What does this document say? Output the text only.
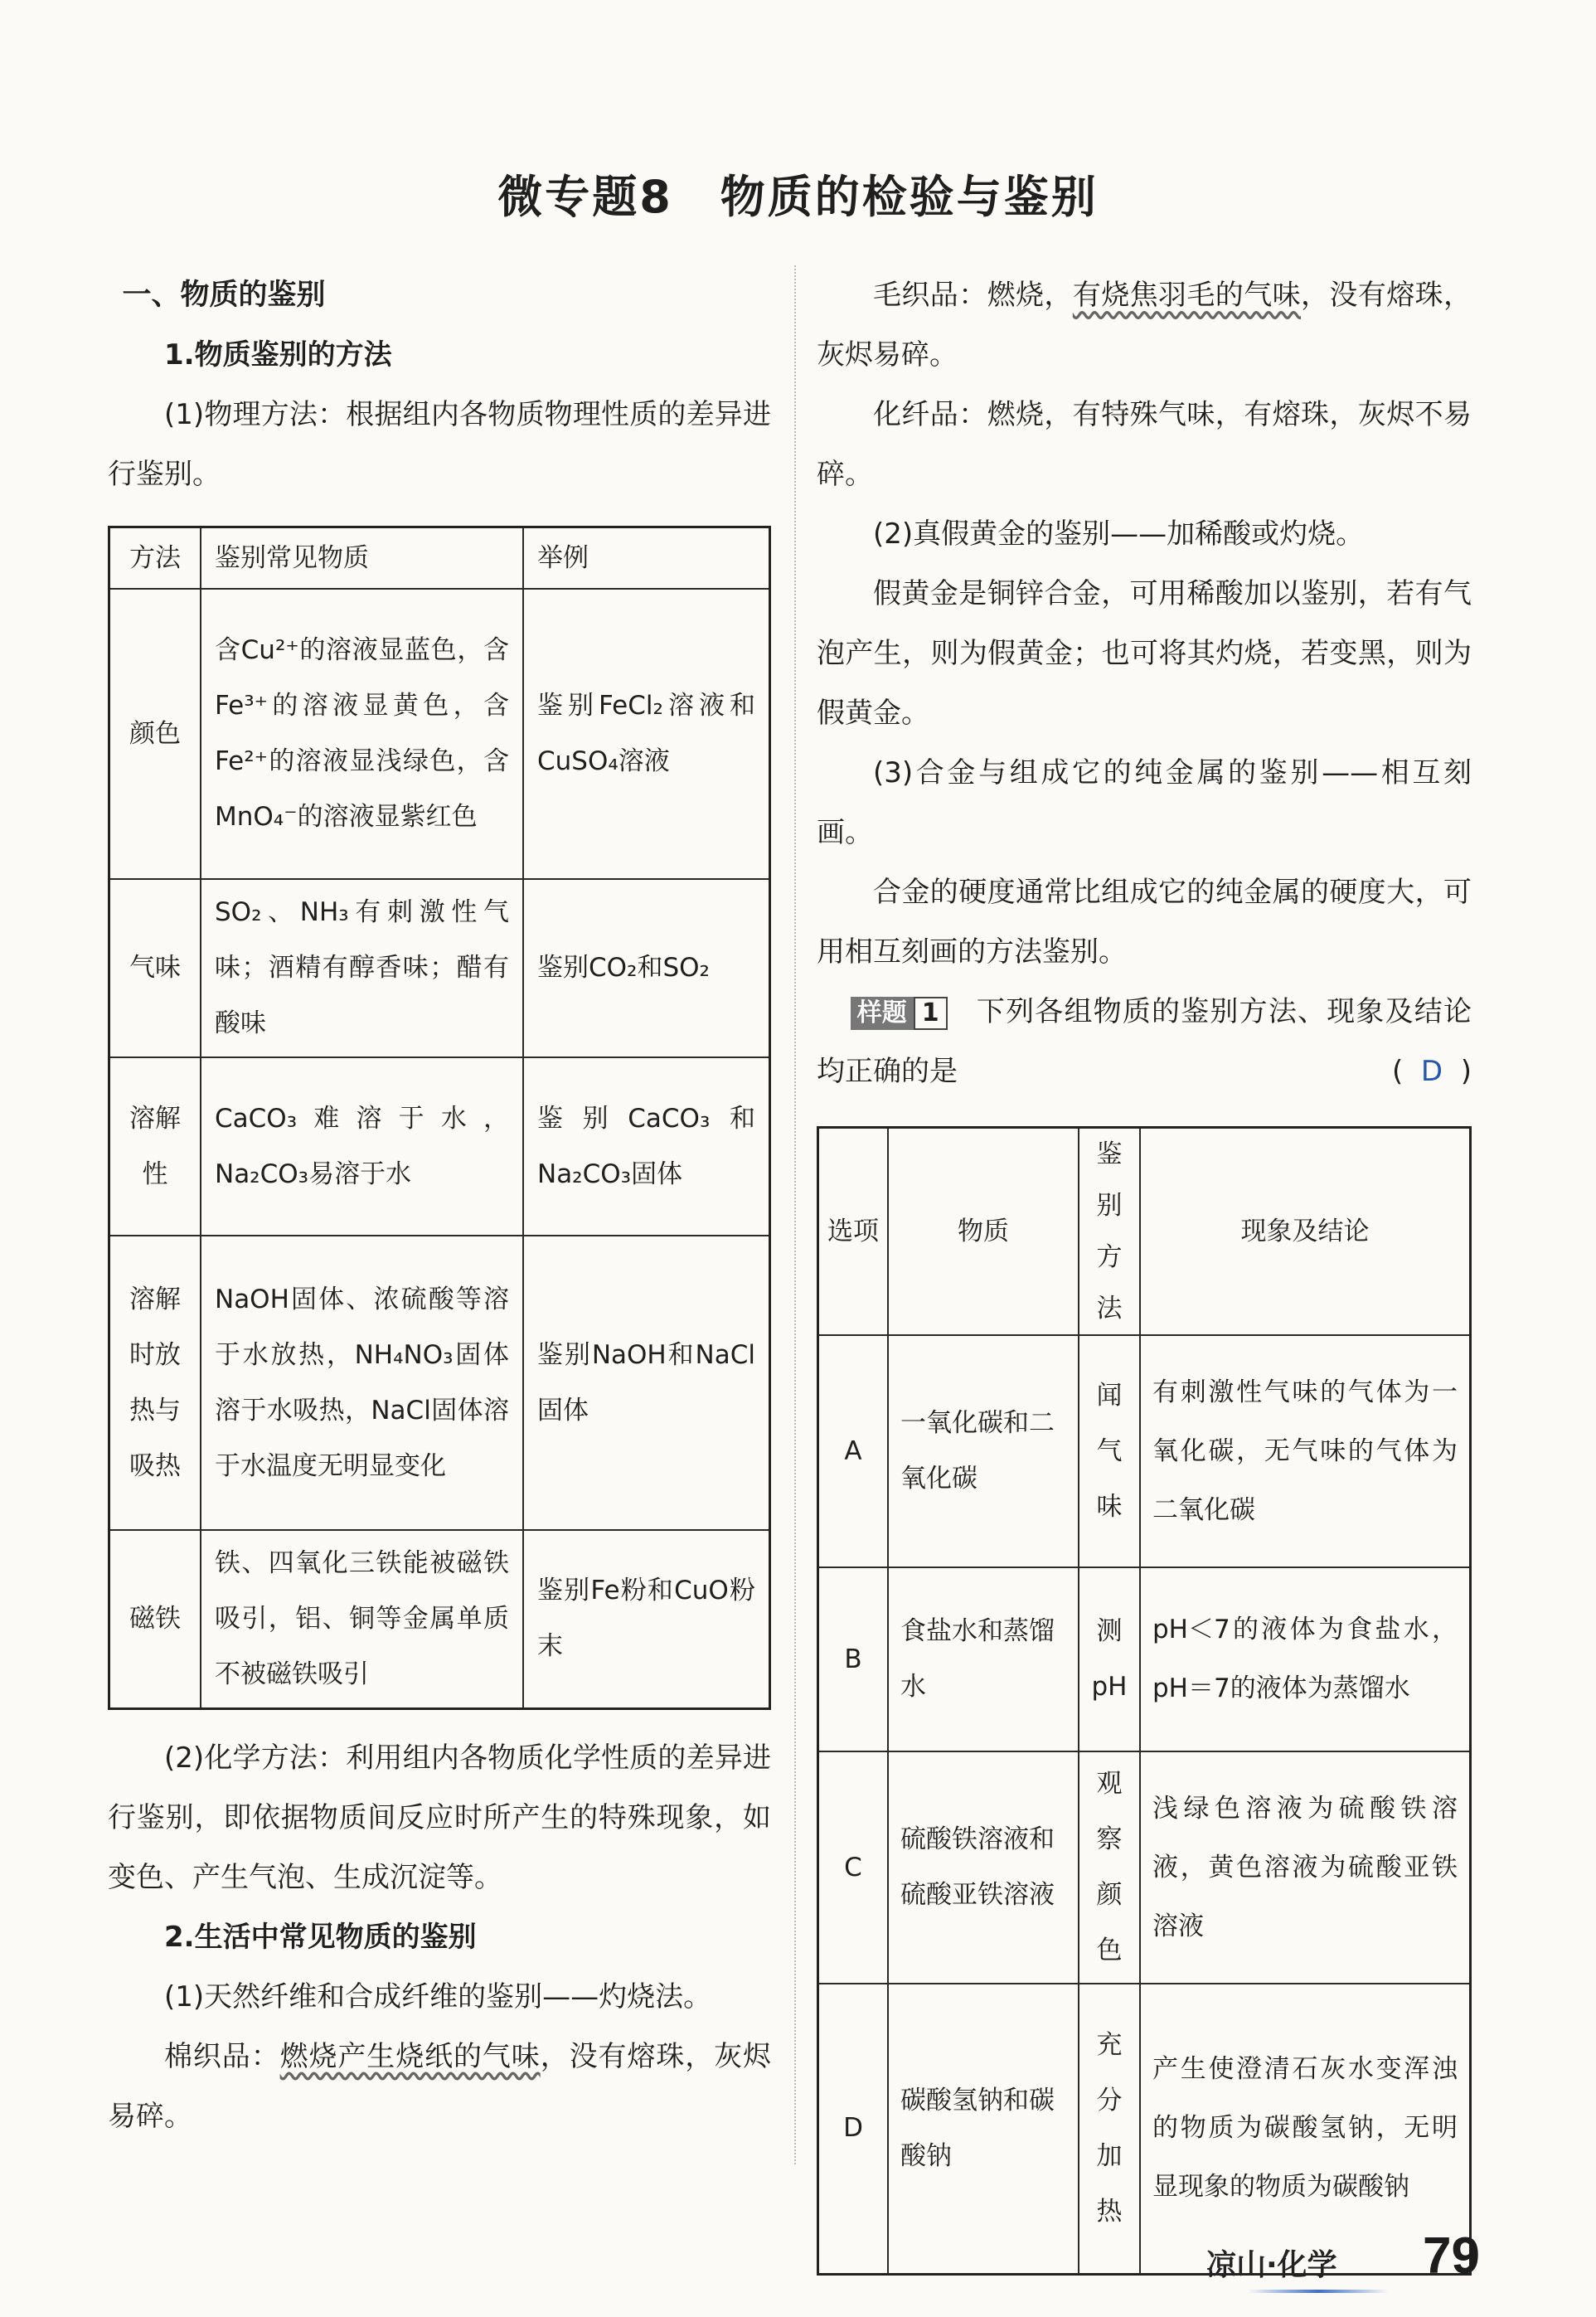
微专题8　物质的检验与鉴别
一、物质的鉴别
1.物质鉴别的方法

(1)物理方法：根据组内各物质物理性质的差异进行鉴别。

方法	鉴别常见物质	举例
颜色	含Cu²⁺的溶液显蓝色，含Fe³⁺的溶液显黄色，含Fe²⁺的溶液显浅绿色，含MnO₄⁻的溶液显紫红色	鉴别FeCl₂溶液和CuSO₄溶液
气味	SO₂、NH₃有刺激性气味；酒精有醇香味；醋有酸味	鉴别CO₂和SO₂
溶解性	CaCO₃难溶于水，Na₂CO₃易溶于水	鉴别CaCO₃和Na₂CO₃固体
溶解时放热与吸热	NaOH固体、浓硫酸等溶于水放热，NH₄NO₃固体溶于水吸热，NaCl固体溶于水温度无明显变化	鉴别NaOH和NaCl固体
磁铁	铁、四氧化三铁能被磁铁吸引，铝、铜等金属单质不被磁铁吸引	鉴别Fe粉和CuO粉末

(2)化学方法：利用组内各物质化学性质的差异进行鉴别，即依据物质间反应时所产生的特殊现象，如变色、产生气泡、生成沉淀等。

2.生活中常见物质的鉴别

(1)天然纤维和合成纤维的鉴别——灼烧法。

棉织品：燃烧产生烧纸的气味，没有熔珠，灰烬易碎。

毛织品：燃烧，有烧焦羽毛的气味，没有熔珠，灰烬易碎。

化纤品：燃烧，有特殊气味，有熔珠，灰烬不易碎。

(2)真假黄金的鉴别——加稀酸或灼烧。

假黄金是铜锌合金，可用稀酸加以鉴别，若有气泡产生，则为假黄金；也可将其灼烧，若变黑，则为假黄金。

(3)合金与组成它的纯金属的鉴别——相互刻画。

合金的硬度通常比组成它的纯金属的硬度大，可用相互刻画的方法鉴别。

样题 1 下列各组物质的鉴别方法、现象及结论均正确的是	( D )

选项	物质	鉴别方法	现象及结论
A	一氧化碳和二氧化碳	闻气味	有刺激性气味的气体为一氧化碳，无气味的气体为二氧化碳
B	食盐水和蒸馏水	测pH	pH＜7的液体为食盐水，pH＝7的液体为蒸馏水
C	硫酸铁溶液和硫酸亚铁溶液	观察颜色	浅绿色溶液为硫酸铁溶液，黄色溶液为硫酸亚铁溶液
D	碳酸氢钠和碳酸钠	充分加热	产生使澄清石灰水变浑浊的物质为碳酸氢钠，无明显现象的物质为碳酸钠
凉山·化学 79
